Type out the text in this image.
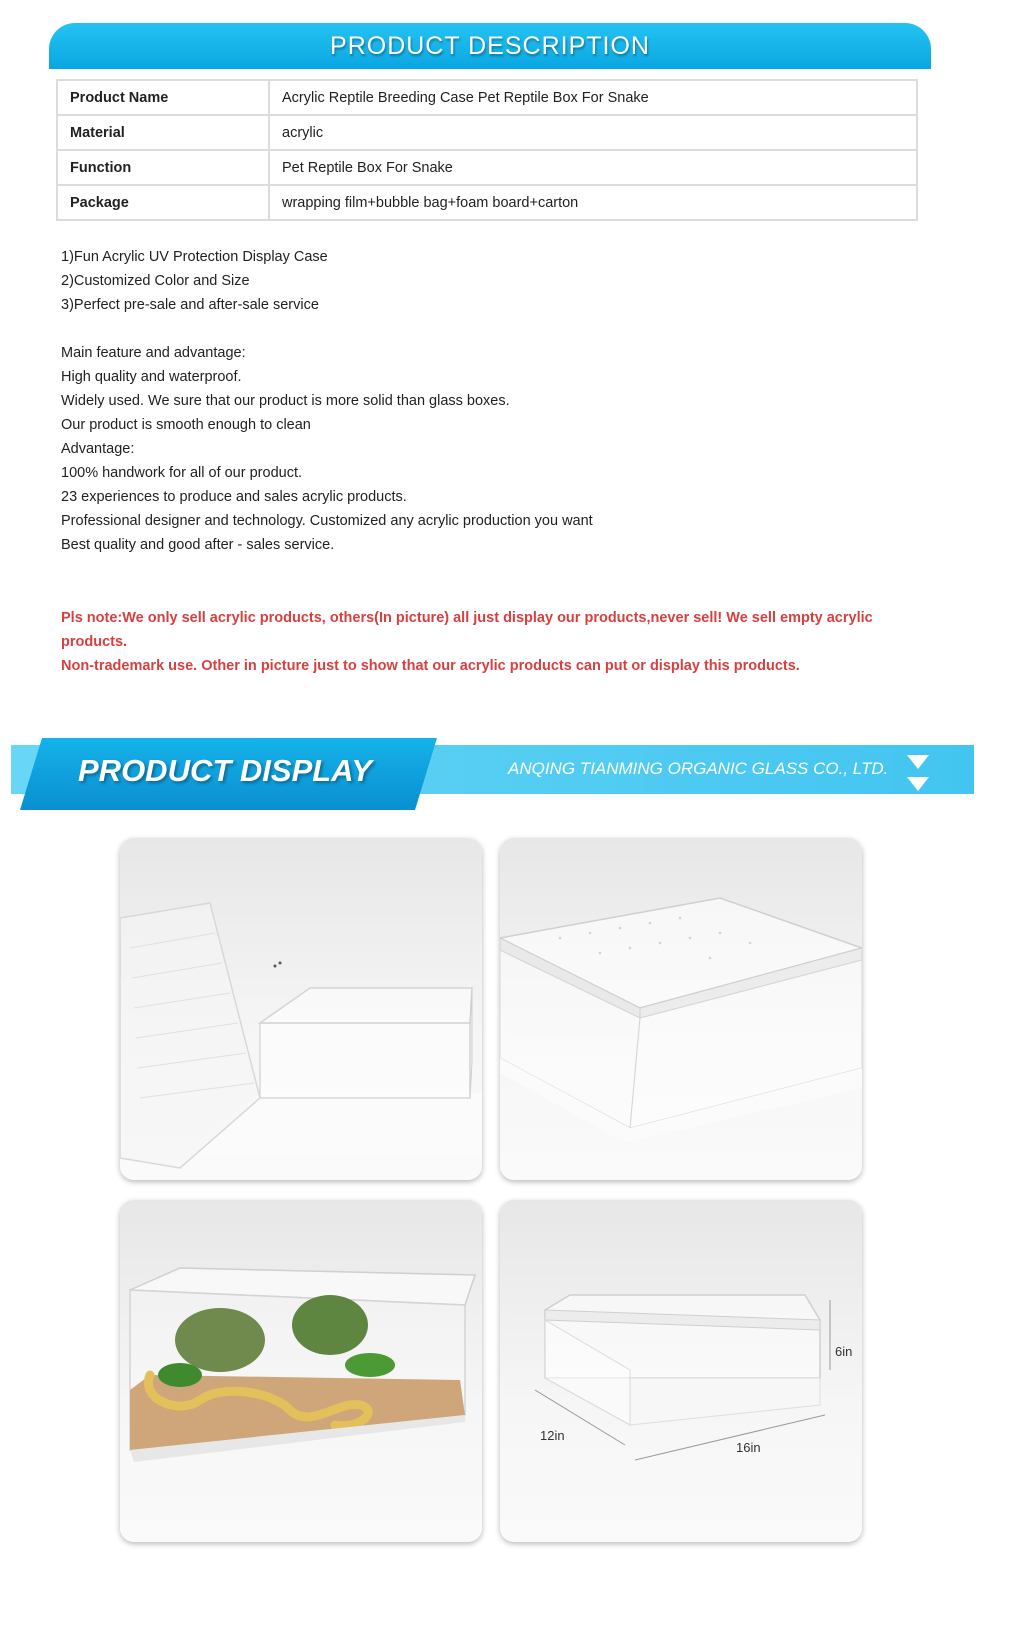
PRODUCT DESCRIPTION
Product Name	Acrylic Reptile Breeding Case Pet Reptile Box For Snake
Material	acrylic
Function	Pet Reptile Box For Snake
Package	wrapping film+bubble bag+foam board+carton

1)Fun Acrylic UV Protection Display Case

2)Customized Color and Size

3)Perfect pre-sale and after-sale service

Main feature and advantage:

High quality and waterproof.

Widely used. We sure that our product is more solid than glass boxes.

Our product is smooth enough to clean

Advantage:

100% handwork for all of our product.

23 experiences to produce and sales acrylic products.

Professional designer and technology. Customized any acrylic production you want

Best quality and good after - sales service.

Pls note:We only sell acrylic products, others(In picture) all just display our products,never sell! We sell empty acrylic products.

Non-trademark use. Other in picture just to show that our acrylic products can put or display this products.

PRODUCT DISPLAY	ANQING TIANMING ORGANIC GLASS CO., LTD.
6in
12in
16in
